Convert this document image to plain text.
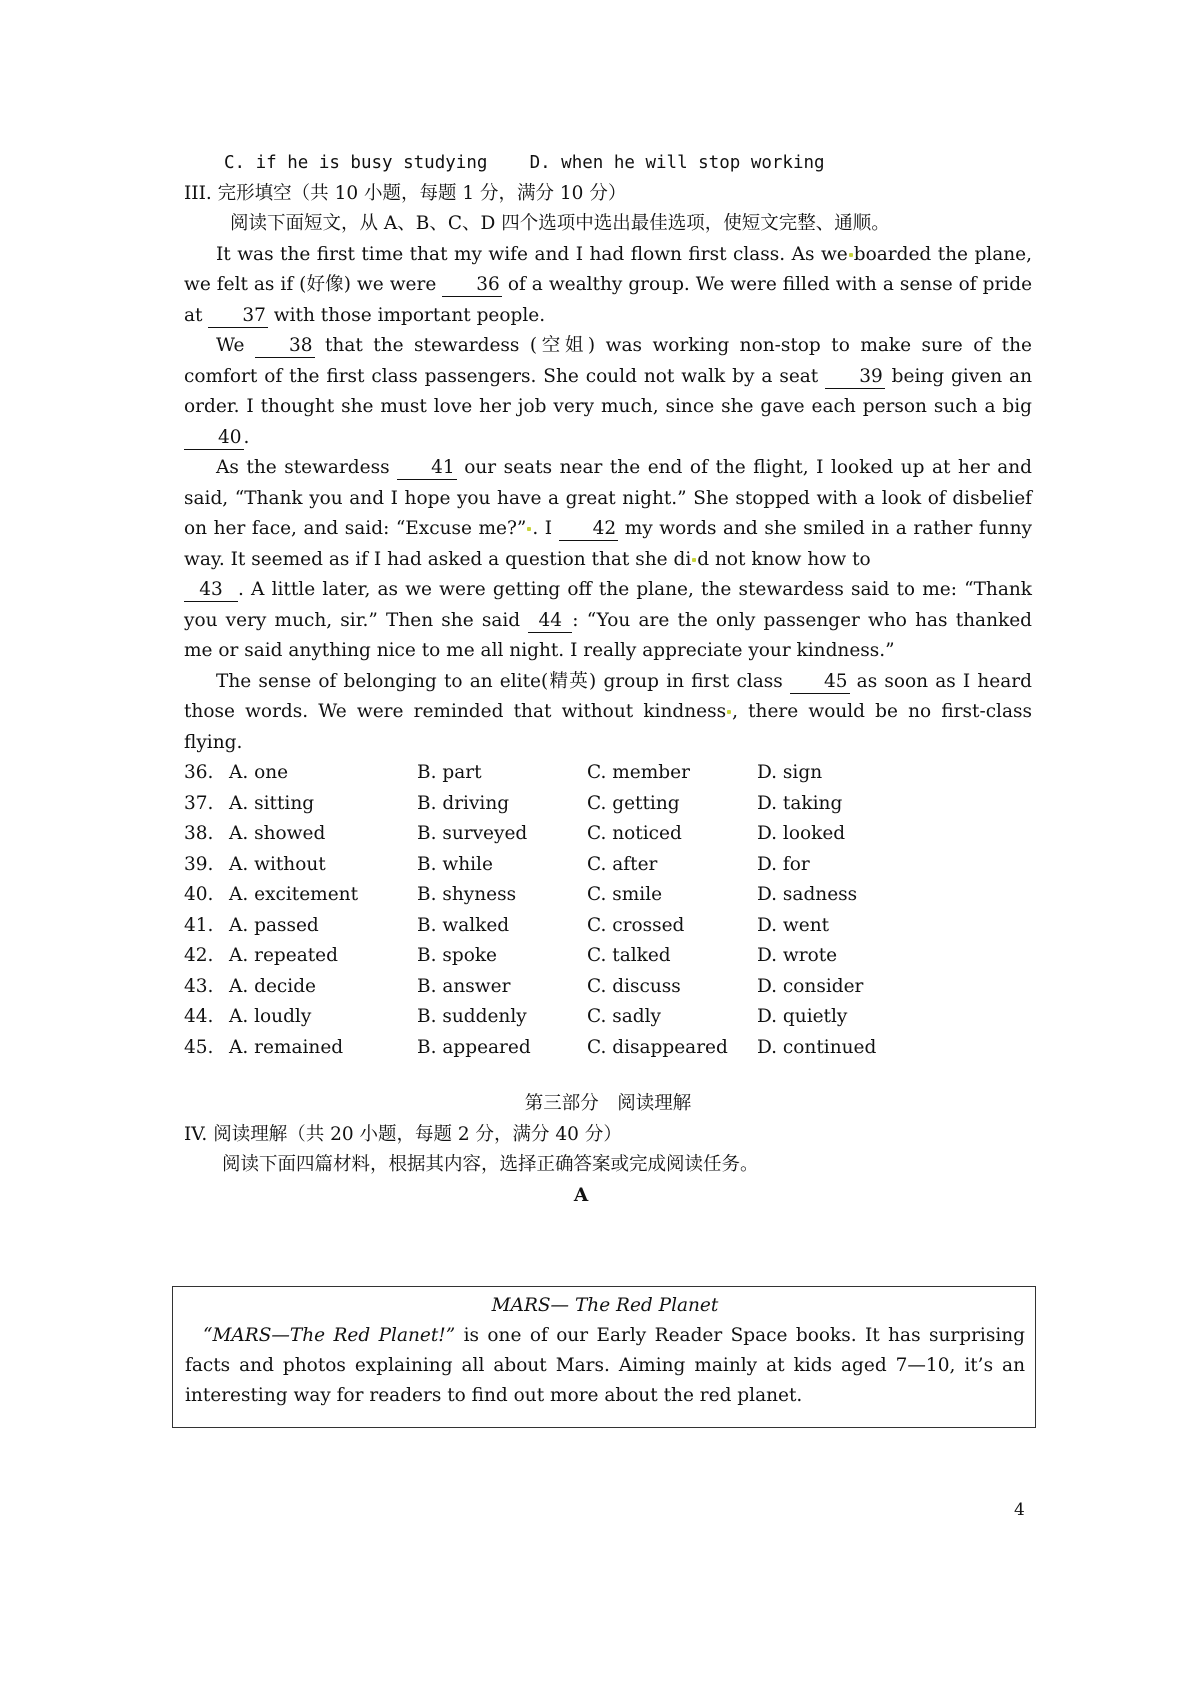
C. if he is busy studying D. when he will stop working
III. 完形填空（共 10 小题，每题 1 分，满分 10 分）
阅读下面短文，从 A、B、C、D 四个选项中选出最佳选项，使短文完整、通顺。
It was the first time that my wife and I had flown first class. As we boarded the plane, we felt as if (好像) we were 36 of a wealthy group. We were filled with a sense of pride at 37 with those important people.
We 38 that the stewardess (空姐) was working non-stop to make sure of the comfort of the first class passengers. She could not walk by a seat 39 being given an order. I thought she must love her job very much, since she gave each person such a big 40 .
As the stewardess 41 our seats near the end of the flight, I looked up at her and said, “Thank you and I hope you have a great night.” She stopped with a look of disbelief on her face, and said: “Excuse me?” . I 42 my words and she smiled in a rather funny way. It seemed as if I had asked a question that she di d not know how to
43 . A little later, as we were getting off the plane, the stewardess said to me: “Thank you very much, sir.” Then she said 44 : “You are the only passenger who has thanked me or said anything nice to me all night. I really appreciate your kindness.”
The sense of belonging to an elite(精英) group in first class 45 as soon as I heard those words. We were reminded that without kindness , there would be no first-class flying.
36.	A. one	B. part	C. member	D. sign
37.	A. sitting	B. driving	C. getting	D. taking
38.	A. showed	B. surveyed	C. noticed	D. looked
39.	A. without	B. while	C. after	D. for
40.	A. excitement	B. shyness	C. smile	D. sadness
41.	A. passed	B. walked	C. crossed	D. went
42.	A. repeated	B. spoke	C. talked	D. wrote
43.	A. decide	B. answer	C. discuss	D. consider
44.	A. loudly	B. suddenly	C. sadly	D. quietly
45.	A. remained	B. appeared	C. disappeared	D. continued
第三部分　阅读理解
IV. 阅读理解（共 20 小题，每题 2 分，满分 40 分）
阅读下面四篇材料，根据其内容，选择正确答案或完成阅读任务。
A
MARS— The Red Planet
“MARS—The Red Planet!” is one of our Early Reader Space books. It has surprising facts and photos explaining all about Mars. Aiming mainly at kids aged 7—10, it’s an interesting way for readers to find out more about the red planet.
4
